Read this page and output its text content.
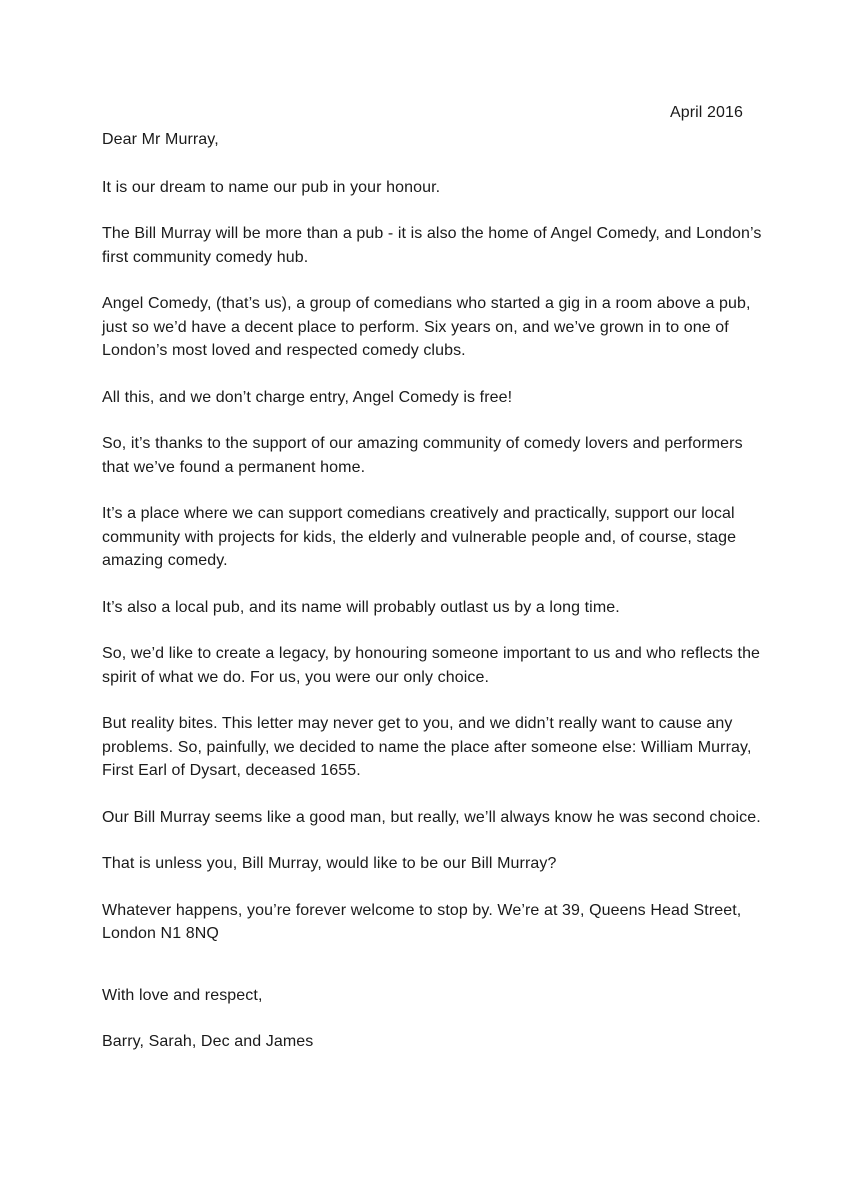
April 2016

Dear Mr Murray,

It is our dream to name our pub in your honour.

The Bill Murray will be more than a pub - it is also the home of Angel Comedy, and London’s first community comedy hub.

Angel Comedy, (that’s us), a group of comedians who started a gig in a room above a pub, just so we’d have a decent place to perform. Six years on, and we’ve grown in to one of London’s most loved and respected comedy clubs.

All this, and we don’t charge entry, Angel Comedy is free!

So, it’s thanks to the support of our amazing community of comedy lovers and performers that we’ve found a permanent home.

It’s a place where we can support comedians creatively and practically, support our local community with projects for kids, the elderly and vulnerable people and, of course, stage amazing comedy.

It’s also a local pub, and its name will probably outlast us by a long time.

So, we’d like to create a legacy, by honouring someone important to us and who reflects the spirit of what we do. For us, you were our only choice.

But reality bites. This letter may never get to you, and we didn’t really want to cause any problems. So, painfully, we decided to name the place after someone else: William Murray, First Earl of Dysart, deceased 1655.

Our Bill Murray seems like a good man, but really, we’ll always know he was second choice.

That is unless you, Bill Murray, would like to be our Bill Murray?

Whatever happens, you’re forever welcome to stop by. We’re at 39, Queens Head Street, London N1 8NQ

With love and respect,

Barry, Sarah, Dec and James
